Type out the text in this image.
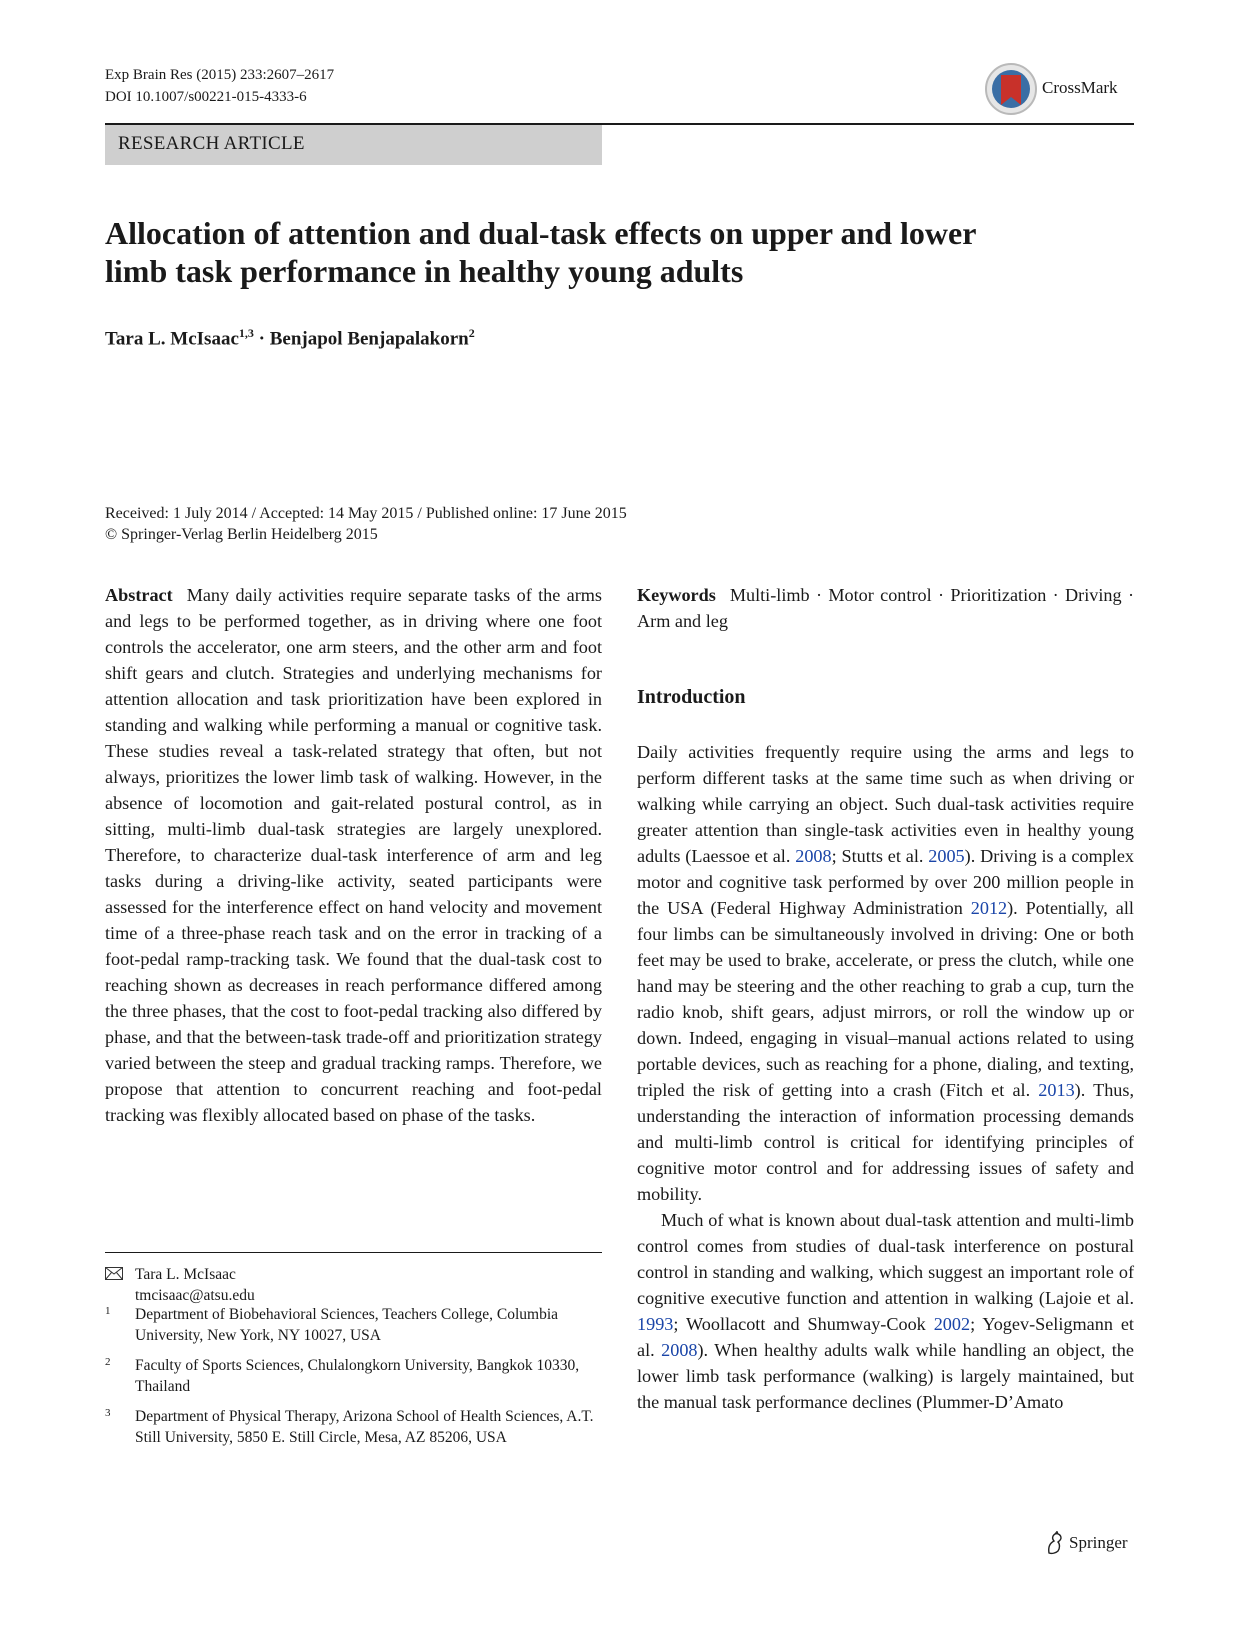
Exp Brain Res (2015) 233:2607–2617
DOI 10.1007/s00221-015-4333-6	CrossMark
RESEARCH ARTICLE
Allocation of attention and dual-task effects on upper and lower
limb task performance in healthy young adults
Tara L. McIsaac$^{1,3}$ · Benjapol Benjapalakorn$^2$
Received: 1 July 2014 / Accepted: 14 May 2015 / Published online: 17 June 2015
© Springer-Verlag Berlin Heidelberg 2015
Abstract Many daily activities require separate tasks of the arms and legs to be performed together, as in driving where one foot controls the accelerator, one arm steers, and the other arm and foot shift gears and clutch. Strategies and underlying mechanisms for attention allocation and task prioritization have been explored in standing and walking while performing a manual or cognitive task. These studies reveal a task-related strategy that often, but not always, prioritizes the lower limb task of walking. However, in the absence of locomotion and gait-related postural control, as in sitting, multi-limb dual-task strategies are largely unexplored. Therefore, to characterize dual-task interference of arm and leg tasks during a driving-like activity, seated participants were assessed for the interference effect on hand velocity and movement time of a three-phase reach task and on the error in tracking of a foot-pedal ramp-tracking task. We found that the dual-task cost to reaching shown as decreases in reach performance differed among the three phases, that the cost to foot-pedal tracking also differed by phase, and that the between-task trade-off and prioritization strategy varied between the steep and gradual tracking ramps. Therefore, we propose that attention to concurrent reaching and foot-pedal tracking was flexibly allocated based on phase of the tasks.
Keywords Multi-limb · Motor control · Prioritization · Driving · Arm and leg
Introduction

Daily activities frequently require using the arms and legs to perform different tasks at the same time such as when driving or walking while carrying an object. Such dual-task activities require greater attention than single-task activities even in healthy young adults (Laessoe et al. 2008; Stutts et al. 2005). Driving is a complex motor and cognitive task performed by over 200 million people in the USA (Federal Highway Administration 2012). Potentially, all four limbs can be simultaneously involved in driving: One or both feet may be used to brake, accelerate, or press the clutch, while one hand may be steering and the other reaching to grab a cup, turn the radio knob, shift gears, adjust mirrors, or roll the window up or down. Indeed, engaging in visual–manual actions related to using portable devices, such as reaching for a phone, dialing, and texting, tripled the risk of getting into a crash (Fitch et al. 2013). Thus, understanding the interaction of information processing demands and multi-limb control is critical for identifying principles of cognitive motor control and for addressing issues of safety and mobility.

Much of what is known about dual-task attention and multi-limb control comes from studies of dual-task interference on postural control in standing and walking, which suggest an important role of cognitive executive function and attention in walking (Lajoie et al. 1993; Woollacott and Shumway-Cook 2002; Yogev-Seligmann et al. 2008). When healthy adults walk while handling an object, the lower limb task performance (walking) is largely maintained, but the manual task performance declines (Plummer-D’Amato

Tara L. McIsaac
tmcisaac@atsu.edu
1 Department of Biobehavioral Sciences, Teachers College, Columbia University, New York, NY 10027, USA
2 Faculty of Sports Sciences, Chulalongkorn University, Bangkok 10330, Thailand
3 Department of Physical Therapy, Arizona School of Health Sciences, A.T. Still University, 5850 E. Still Circle, Mesa, AZ 85206, USA
Springer
